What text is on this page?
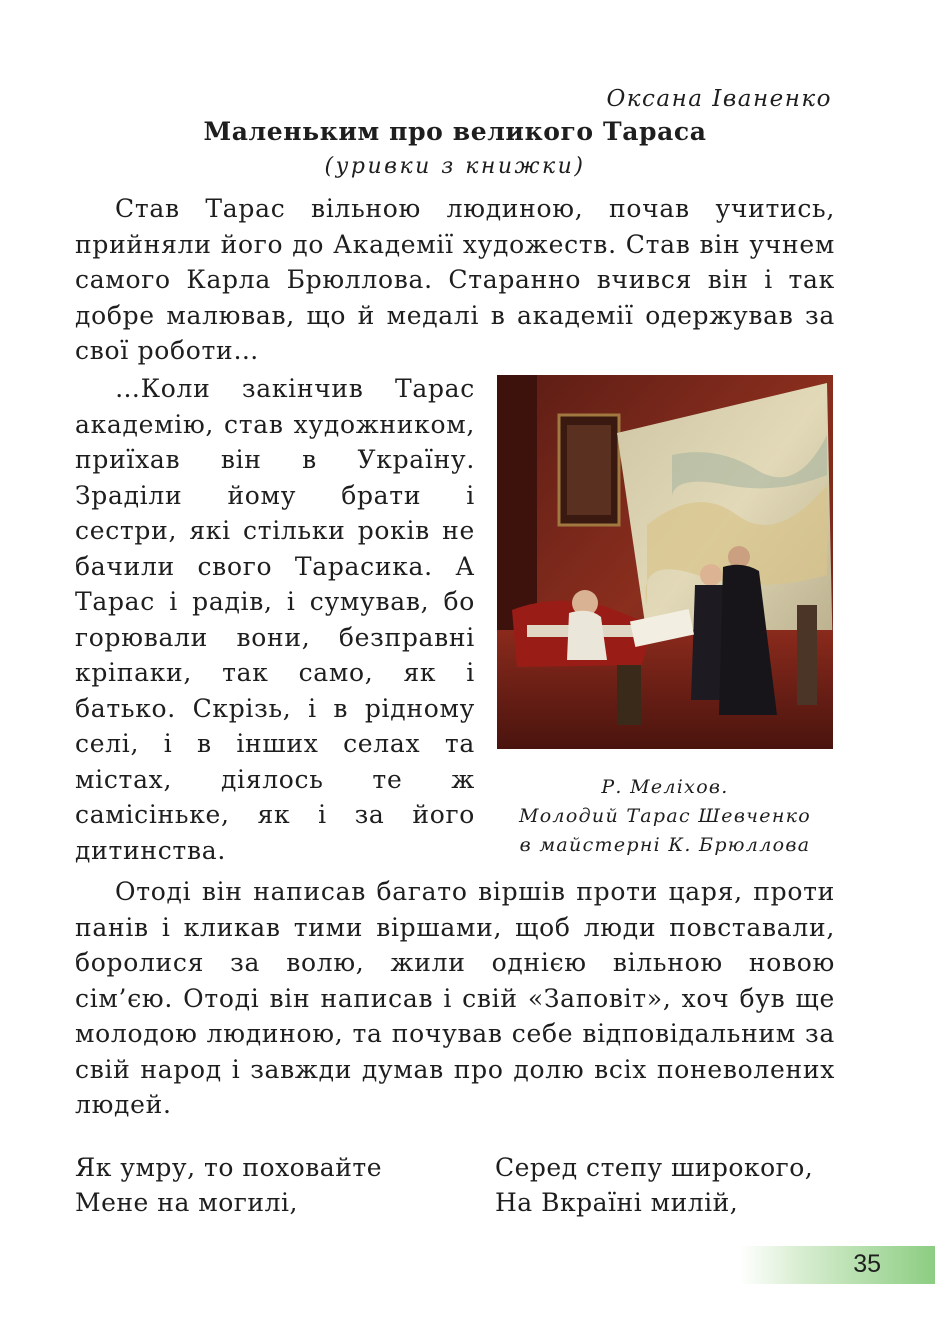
Оксана Іваненко
Маленьким про великого Тараса
(уривки з книжки)

Став Тарас вільною людиною, почав учитись, прийняли його до Академії художеств. Став він учнем самого Карла Брюллова. Старанно вчився він і так добре малював, що й медалі в академії одержував за свої роботи…

…Коли закінчив Тарас академію, став художником, приїхав він в Україну. Зраділи йому брати і сестри, які стільки років не бачили свого Тарасика. А Тарас і радів, і сумував, бо горювали вони, безправні кріпаки, так само, як і батько. Скрізь, і в рідному селі, і в інших селах та містах, діялось те ж самісіньке, як і за його дитинства.

Р. Меліхов.
Молодий Тарас Шевченко
в майстерні К. Брюллова

Отоді він написав багато віршів проти царя, проти панів і кликав тими віршами, щоб люди повставали, боролися за волю, жили однією вільною новою сім’єю. Отоді він написав і свій «Заповіт», хоч був ще молодою людиною, та почував себе відповідальним за свій народ і завжди думав про долю всіх поневолених людей.

Як умру, то поховайте
Мене на могилі,
Серед степу широкого,
На Вкраїні милій,
35
